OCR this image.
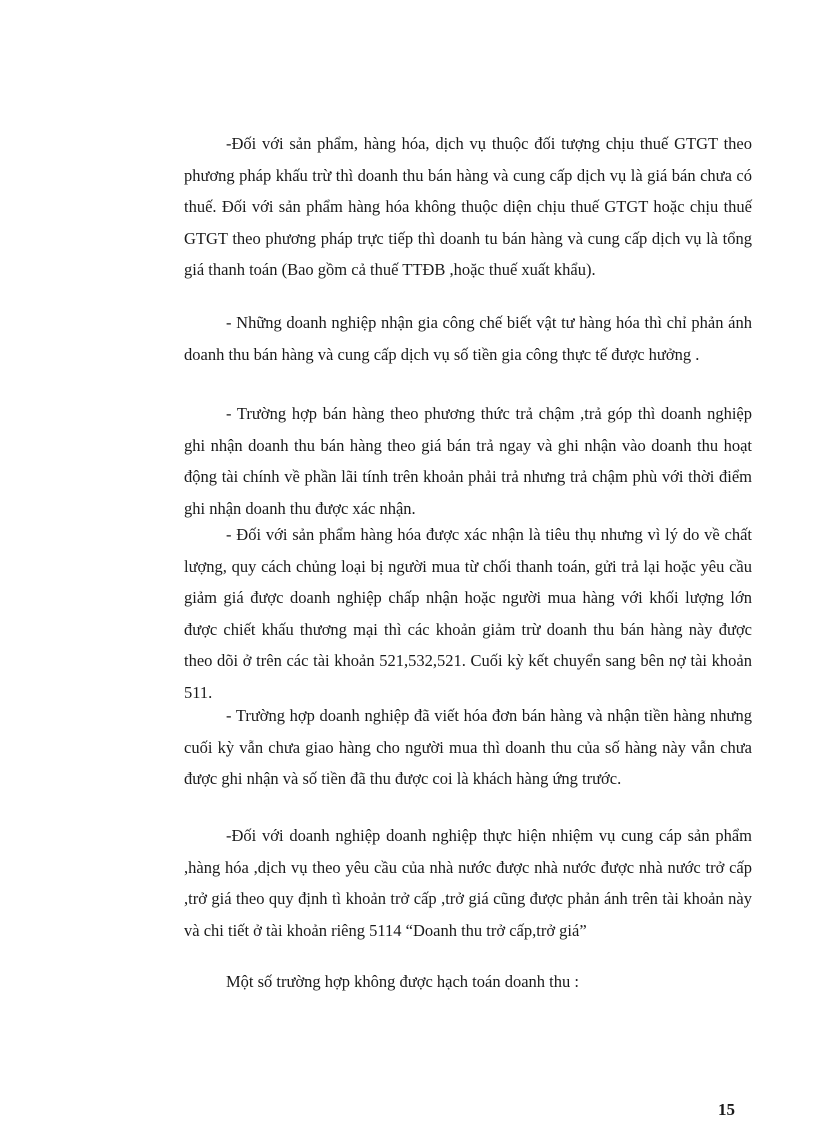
-Đối với sản phẩm, hàng hóa, dịch vụ thuộc đối tượng chịu thuế GTGT theo phương pháp khấu trừ thì doanh thu bán hàng và cung cấp dịch vụ là giá bán chưa có thuế. Đối với sản phẩm hàng hóa không thuộc diện chịu thuế GTGT hoặc chịu thuế GTGT theo phương pháp trực tiếp thì doanh tu bán hàng và cung cấp dịch vụ là tổng giá thanh toán (Bao gồm cả thuế TTĐB ,hoặc thuế xuất khẩu).

- Những doanh nghiệp nhận gia công chế biết vật tư hàng hóa thì chỉ phản ánh doanh thu bán hàng và cung cấp dịch vụ số tiền gia công thực tế được hưởng .

- Trường hợp bán hàng theo phương thức trả chậm ,trả góp thì doanh nghiệp ghi nhận doanh thu bán hàng theo giá bán trả ngay và ghi nhận vào doanh thu hoạt động tài chính về phần lãi tính trên khoản phải trả nhưng trả chậm phù với thời điểm ghi nhận doanh thu được xác nhận.

- Đối với sản phẩm hàng hóa được xác nhận là tiêu thụ nhưng vì lý do về chất lượng, quy cách chủng loại bị người mua từ chối thanh toán, gửi trả lại hoặc yêu cầu giảm giá được doanh nghiệp chấp nhận hoặc người mua hàng với khối lượng lớn được chiết khấu thương mại thì các khoản giảm trừ doanh thu bán hàng này được theo dõi ở trên các tài khoản 521,532,521. Cuối kỳ kết chuyển sang bên nợ tài khoản 511.

- Trường hợp doanh nghiệp đã viết hóa đơn bán hàng và nhận tiền hàng nhưng cuối kỳ vẫn chưa giao hàng cho người mua thì doanh thu của số hàng này vẫn chưa được ghi nhận và số tiền đã thu được coi là khách hàng ứng trước.

-Đối với doanh nghiệp doanh nghiệp thực hiện nhiệm vụ cung cáp sản phẩm ,hàng hóa ,dịch vụ theo yêu cầu của nhà nước được nhà nước được nhà nước trở cấp ,trở giá theo quy định tì khoản trở cấp ,trở giá cũng được phản ánh trên tài khoản này và chi tiết ở tài khoản riêng 5114 “Doanh thu trở cấp,trở giá”

Một số trường hợp không được hạch toán doanh thu :

15
